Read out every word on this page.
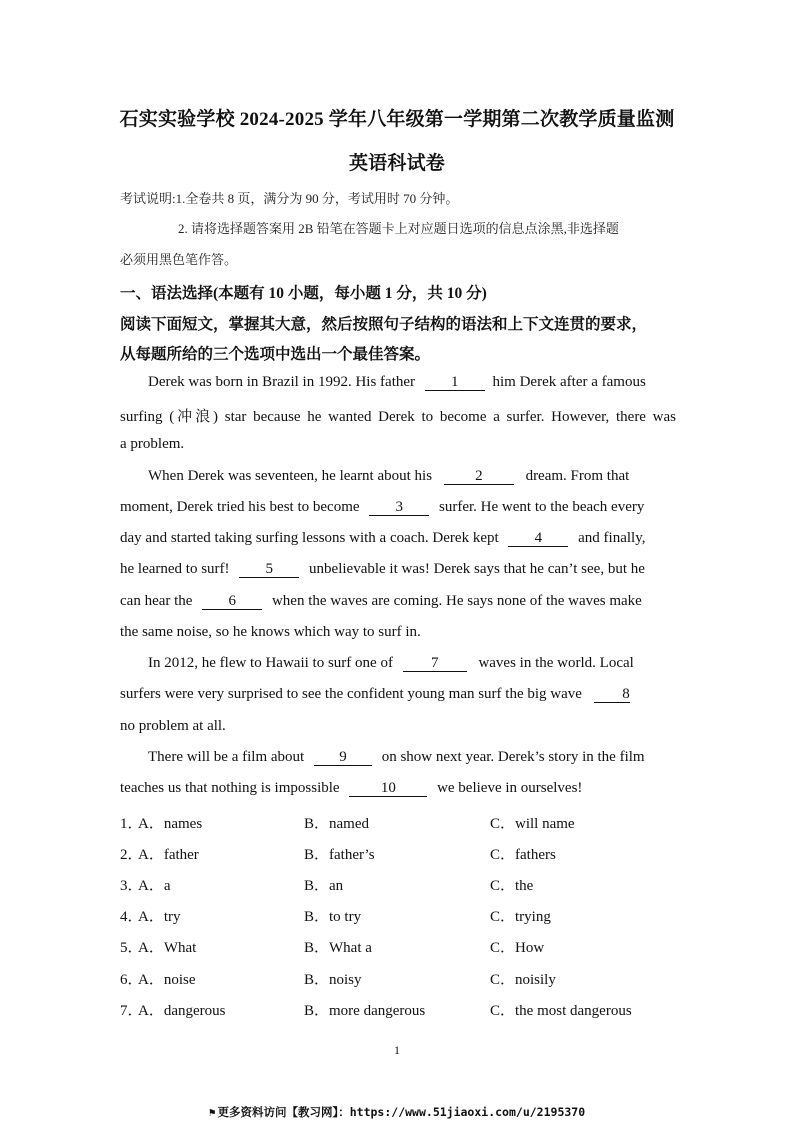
石实实验学校 2024-2025 学年八年级第一学期第二次教学质量监测
英语科试卷
考试说明:1.全卷共 8 页，满分为 90 分，考试用时 70 分钟。
2. 请将选择题答案用 2B 铅笔在答题卡上对应题日选项的信息点涂黑,非选择题
必须用黑色笔作答。
一、语法选择(本题有 10 小题，每小题 1 分，共 10 分)
阅读下面短文，掌握其大意，然后按照句子结构的语法和上下文连贯的要求，
从每题所给的三个选项中选出一个最佳答案。
Derek was born in Brazil in 1992. His father 1 him Derek after a famous
surfing (冲浪) star because he wanted Derek to become a surfer. However, there was
a problem.
When Derek was seventeen, he learnt about his	2	dream. From that
moment, Derek tried his best to become 3 surfer. He went to the beach every
day and started taking surfing lessons with a coach. Derek kept 4 and finally,
he learned to surf! 5 unbelievable it was! Derek says that he can’t see, but he
can hear the 6 when the waves are coming. He says none of the waves make
the same noise, so he knows which way to surf in.
In 2012, he flew to Hawaii to surf one of	7	waves in the world. Local
surfers were very surprised to see the confident young man surf the big wave	8
no problem at all.
There will be a film about 9 on show next year. Derek’s story in the film
teaches us that nothing is impossible	10	we believe in ourselves!
1．
A．names	B．named	C．will name
2．
A．father	B．father’s	C．fathers
3．
A．a	B．an	C．the
4．
A．try	B．to try	C．trying
5．
A．What	B．What a	C．How
6．
A．noise	B．noisy	C．noisily
7．
A．dangerous	B．more dangerous	C．the most dangerous
1
⚑ 更多资料访问【教习网】：https://www.51jiaoxi.com/u/2195370
